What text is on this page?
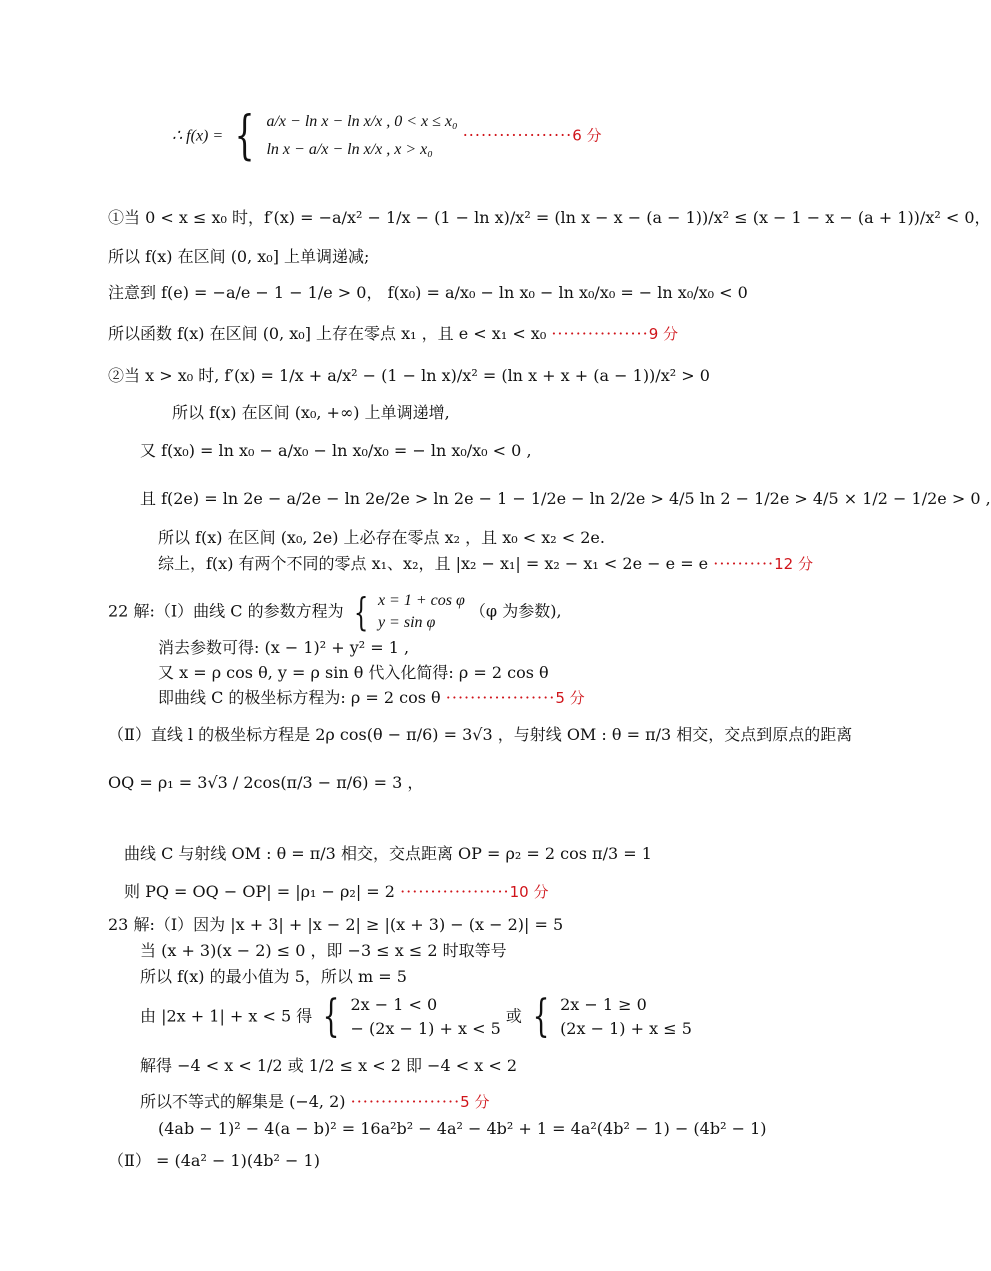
∴ f(x) = { a/x − ln x − ln x/x , 0 < x ≤ x₀
ln x − a/x − ln x/x , x > x₀
··················6 分
①当 0 < x ≤ x₀ 时，f′(x) = −a/x² − 1/x − (1 − ln x)/x² = (ln x − x − (a − 1))/x² ≤ (x − 1 − x − (a + 1))/x² < 0，
所以 f(x) 在区间 (0, x₀] 上单调递减;
注意到 f(e) = −a/e − 1 − 1/e > 0， f(x₀) = a/x₀ − ln x₀ − ln x₀/x₀ = − ln x₀/x₀ < 0
所以函数 f(x) 在区间 (0, x₀] 上存在零点 x₁ ，且 e < x₁ < x₀ ················9 分
②当 x > x₀ 时, f′(x) = 1/x + a/x² − (1 − ln x)/x² = (ln x + x + (a − 1))/x² > 0
所以 f(x) 在区间 (x₀, +∞) 上单调递增,
又 f(x₀) = ln x₀ − a/x₀ − ln x₀/x₀ = − ln x₀/x₀ < 0 ,
且 f(2e) = ln 2e − a/2e − ln 2e/2e > ln 2e − 1 − 1/2e − ln 2/2e > 4/5 ln 2 − 1/2e > 4/5 × 1/2 − 1/2e > 0 ,
所以 f(x) 在区间 (x₀, 2e) 上必存在零点 x₂ ，且 x₀ < x₂ < 2e.
综上，f(x) 有两个不同的零点 x₁、x₂，且 |x₂ − x₁| = x₂ − x₁ < 2e − e = e ··········12 分
22 解:（Ⅰ）曲线 C 的参数方程为 { x = 1 + cos φ
y = sin φ
（φ 为参数),
消去参数可得: (x − 1)² + y² = 1 ,
又 x = ρ cos θ, y = ρ sin θ 代入化简得: ρ = 2 cos θ
即曲线 C 的极坐标方程为: ρ = 2 cos θ ··················5 分
（Ⅱ）直线 l 的极坐标方程是 2ρ cos(θ − π/6) = 3√3 ，与射线 OM : θ = π/3 相交，交点到原点的距离
OQ = ρ₁ = 3√3 / 2cos(π/3 − π/6) = 3 ，
曲线 C 与射线 OM : θ = π/3 相交，交点距离 OP = ρ₂ = 2 cos π/3 = 1
则 PQ = OQ − OP| = |ρ₁ − ρ₂| = 2 ··················10 分
23 解:（Ⅰ）因为 |x + 3| + |x − 2| ≥ |(x + 3) − (x − 2)| = 5
当 (x + 3)(x − 2) ≤ 0 ，即 −3 ≤ x ≤ 2 时取等号
所以 f(x) 的最小值为 5，所以 m = 5
由 |2x + 1| + x < 5 得 { 2x − 1 < 0
− (2x − 1) + x < 5
或 { 2x − 1 ≥ 0
(2x − 1) + x ≤ 5
解得 −4 < x < 1/2 或 1/2 ≤ x < 2 即 −4 < x < 2
所以不等式的解集是 (−4, 2) ··················5 分
(4ab − 1)² − 4(a − b)² = 16a²b² − 4a² − 4b² + 1 = 4a²(4b² − 1) − (4b² − 1)
（Ⅱ） = (4a² − 1)(4b² − 1)
